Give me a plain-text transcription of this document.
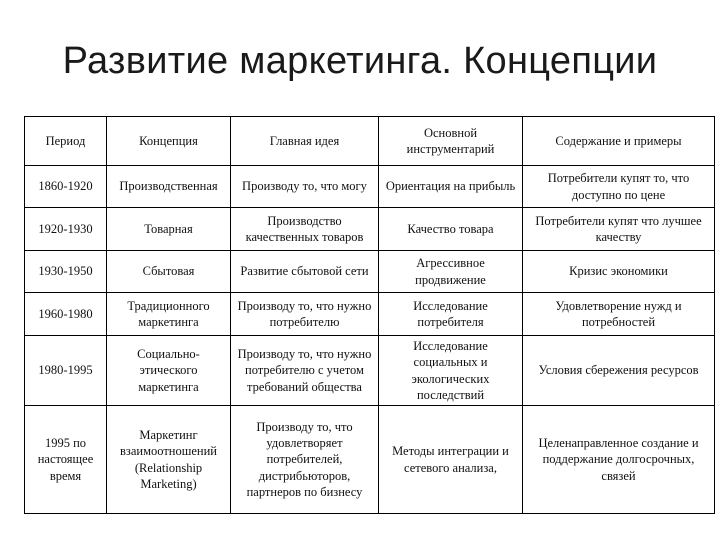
Развитие маркетинга. Концепции
Период	Концепция	Главная идея	Основной инструментарий	Содержание и примеры
1860-1920	Производственная	Производу то, что могу	Ориентация на прибыль	Потребители купят то, что доступно по цене
1920-1930	Товарная	Производство качественных товаров	Качество товара	Потребители купят что лучшее качеству
1930-1950	Сбытовая	Развитие сбытовой сети	Агрессивное продвижение	Кризис экономики
1960-1980	Традиционного маркетинга	Производу то, что нужно потребителю	Исследование потребителя	Удовлетворение нужд и потребностей
1980-1995	Социально-этического маркетинга	Производу то, что нужно потребителю с учетом требований общества	Исследование социальных и экологических последствий	Условия сбережения ресурсов
1995 по настоящее время	Маркетинг взаимоотношений (Relationship Marketing)	Производу то, что удовлетворяет потребителей, дистрибьюторов, партнеров по бизнесу	Методы интеграции и сетевого анализа,	Целенаправленное создание и поддержание долгосрочных, связей
